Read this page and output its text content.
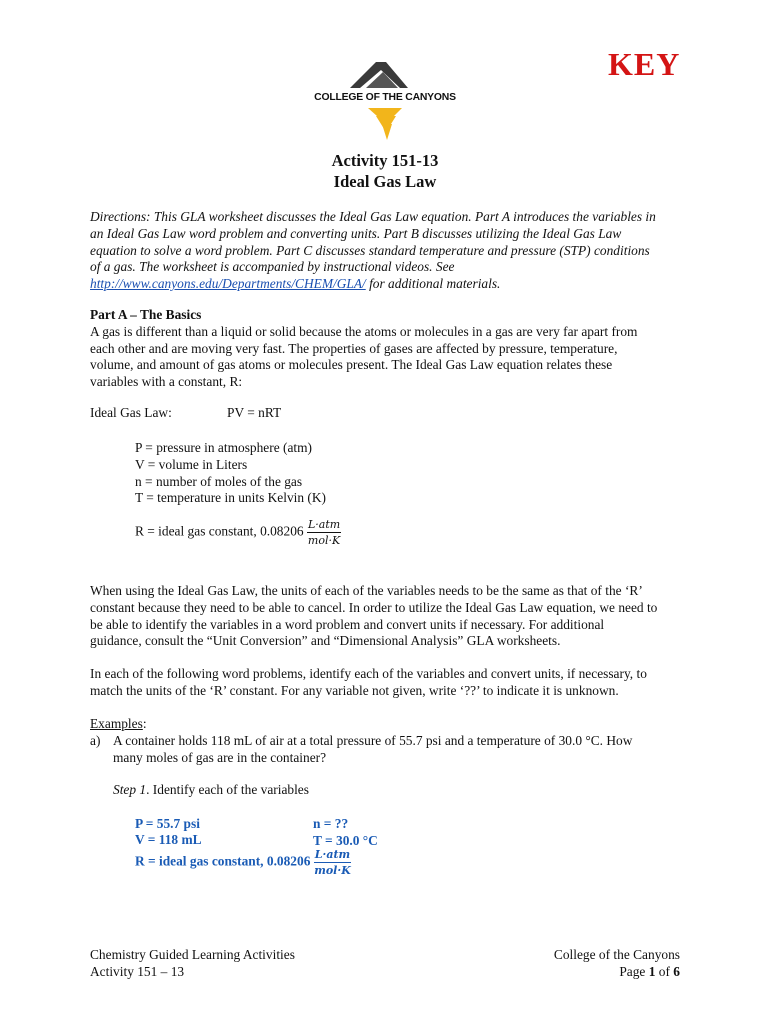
KEY
COLLEGE OF THE CANYONS
Activity 151-13
Ideal Gas Law
Directions: This GLA worksheet discusses the Ideal Gas Law equation. Part A introduces the variables in
an Ideal Gas Law word problem and converting units. Part B discusses utilizing the Ideal Gas Law
equation to solve a word problem. Part C discusses standard temperature and pressure (STP) conditions
of a gas. The worksheet is accompanied by instructional videos. See
http://www.canyons.edu/Departments/CHEM/GLA/ for additional materials.
Part A – The Basics
A gas is different than a liquid or solid because the atoms or molecules in a gas are very far apart from
each other and are moving very fast. The properties of gases are affected by pressure, temperature,
volume, and amount of gas atoms or molecules present. The Ideal Gas Law equation relates these
variables with a constant, R:
Ideal Gas Law:	PV = nRT
P = pressure in atmosphere (atm)
V = volume in Liters
n = number of moles of the gas
T = temperature in units Kelvin (K)
R = ideal gas constant, $0.08206 \frac{\text{L·atm}}{\text{mol·K}}$
When using the Ideal Gas Law, the units of each of the variables needs to be the same as that of the ‘R’
constant because they need to be able to cancel. In order to utilize the Ideal Gas Law equation, we need to
be able to identify the variables in a word problem and convert units if necessary. For additional
guidance, consult the “Unit Conversion” and “Dimensional Analysis” GLA worksheets.
In each of the following word problems, identify each of the variables and convert units, if necessary, to
match the units of the ‘R’ constant. For any variable not given, write ‘??’ to indicate it is unknown.
Examples:
a) A container holds 118 mL of air at a total pressure of 55.7 psi and a temperature of 30.0 °C. How
many moles of gas are in the container?
Step 1. Identify each of the variables
P = 55.7 psi
V = 118 mL
n = ??
T = 30.0 °C
R = ideal gas constant, $0.08206 \frac{\text{L·atm}}{\text{mol·K}}$
Chemistry Guided Learning Activities
Activity 151 – 13
College of the Canyons
Page 1 of 6
